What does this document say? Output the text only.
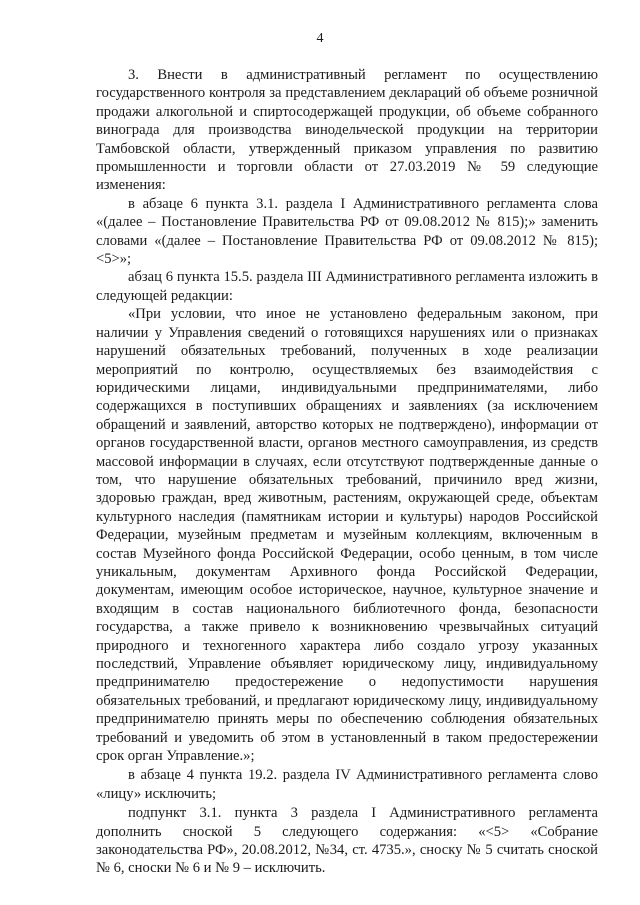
4

3. Внести в административный регламент по осуществлению государственного контроля за представлением деклараций об объеме розничной продажи алкогольной и спиртосодержащей продукции, об объеме собранного винограда для производства винодельческой продукции на территории Тамбовской области, утвержденный приказом управления по развитию промышленности и торговли области от 27.03.2019 № 59 следующие изменения:

в абзаце 6 пункта 3.1. раздела I Административного регламента слова «(далее – Постановление Правительства РФ от 09.08.2012 № 815);» заменить словами «(далее – Постановление Правительства РФ от 09.08.2012 № 815); <5>»;

абзац 6 пункта 15.5. раздела III Административного регламента изложить в следующей редакции:

«При условии, что иное не установлено федеральным законом, при наличии у Управления сведений о готовящихся нарушениях или о признаках нарушений обязательных требований, полученных в ходе реализации мероприятий по контролю, осуществляемых без взаимодействия с юридическими лицами, индивидуальными предпринимателями, либо содержащихся в поступивших обращениях и заявлениях (за исключением обращений и заявлений, авторство которых не подтверждено), информации от органов государственной власти, органов местного самоуправления, из средств массовой информации в случаях, если отсутствуют подтвержденные данные о том, что нарушение обязательных требований, причинило вред жизни, здоровью граждан, вред животным, растениям, окружающей среде, объектам культурного наследия (памятникам истории и культуры) народов Российской Федерации, музейным предметам и музейным коллекциям, включенным в состав Музейного фонда Российской Федерации, особо ценным, в том числе уникальным, документам Архивного фонда Российской Федерации, документам, имеющим особое историческое, научное, культурное значение и входящим в состав национального библиотечного фонда, безопасности государства, а также привело к возникновению чрезвычайных ситуаций природного и техногенного характера либо создало угрозу указанных последствий, Управление объявляет юридическому лицу, индивидуальному предпринимателю предостережение о недопустимости нарушения обязательных требований, и предлагают юридическому лицу, индивидуальному предпринимателю принять меры по обеспечению соблюдения обязательных требований и уведомить об этом в установленный в таком предостережении срок орган Управление.»;

в абзаце 4 пункта 19.2. раздела IV Административного регламента слово «лицу» исключить;

подпункт 3.1. пункта 3 раздела I Административного регламента дополнить сноской 5 следующего содержания: «<5> «Собрание законодательства РФ», 20.08.2012, №34, ст. 4735.», сноску № 5 считать сноской № 6, сноски № 6 и № 9 – исключить.
